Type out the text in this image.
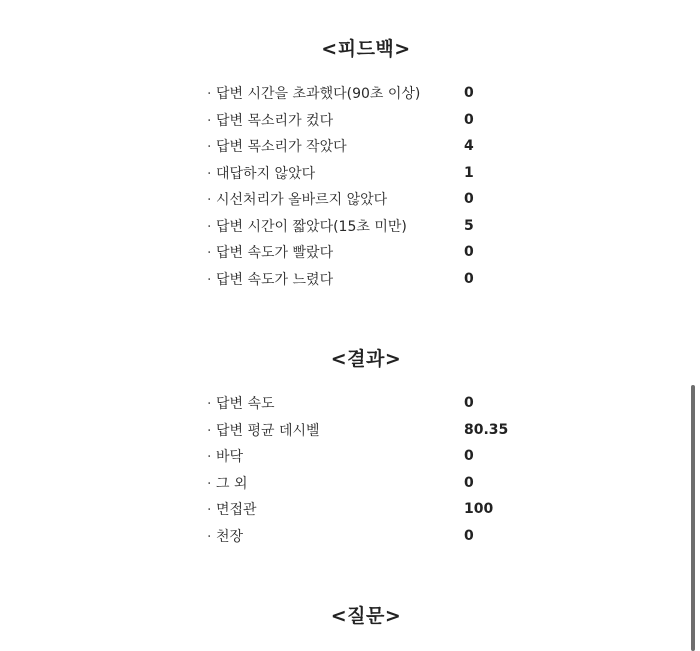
<피드백>
· 답변 시간을 초과했다(90초 이상)	0
· 답변 목소리가 컸다	0
· 답변 목소리가 작았다	4
· 대답하지 않았다	1
· 시선처리가 올바르지 않았다	0
· 답변 시간이 짧았다(15초 미만)	5
· 답변 속도가 빨랐다	0
· 답변 속도가 느렸다	0
<결과>
· 답변 속도	0
· 답변 평균 데시벨	80.35
· 바닥	0
· 그 외	0
· 면접관	100
· 천장	0
<질문>
